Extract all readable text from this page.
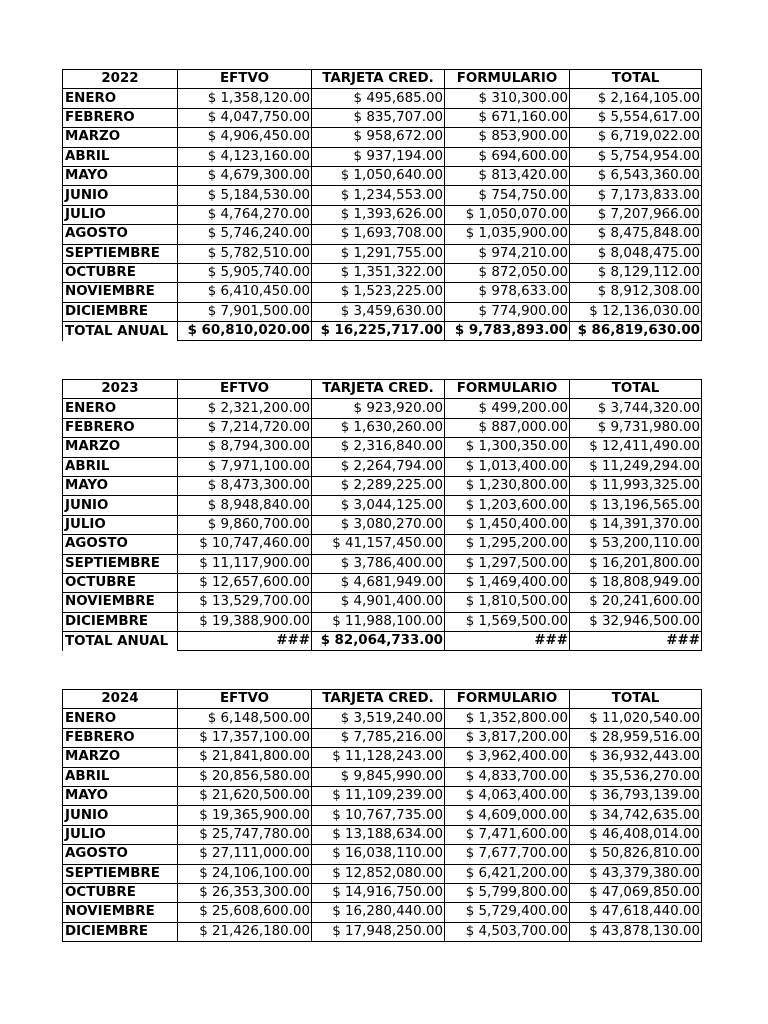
2022	EFTVO	TARJETA CRED.	FORMULARIO	TOTAL
ENERO	$ 1,358,120.00	$ 495,685.00	$ 310,300.00	$ 2,164,105.00
FEBRERO	$ 4,047,750.00	$ 835,707.00	$ 671,160.00	$ 5,554,617.00
MARZO	$ 4,906,450.00	$ 958,672.00	$ 853,900.00	$ 6,719,022.00
ABRIL	$ 4,123,160.00	$ 937,194.00	$ 694,600.00	$ 5,754,954.00
MAYO	$ 4,679,300.00	$ 1,050,640.00	$ 813,420.00	$ 6,543,360.00
JUNIO	$ 5,184,530.00	$ 1,234,553.00	$ 754,750.00	$ 7,173,833.00
JULIO	$ 4,764,270.00	$ 1,393,626.00	$ 1,050,070.00	$ 7,207,966.00
AGOSTO	$ 5,746,240.00	$ 1,693,708.00	$ 1,035,900.00	$ 8,475,848.00
SEPTIEMBRE	$ 5,782,510.00	$ 1,291,755.00	$ 974,210.00	$ 8,048,475.00
OCTUBRE	$ 5,905,740.00	$ 1,351,322.00	$ 872,050.00	$ 8,129,112.00
NOVIEMBRE	$ 6,410,450.00	$ 1,523,225.00	$ 978,633.00	$ 8,912,308.00
DICIEMBRE	$ 7,901,500.00	$ 3,459,630.00	$ 774,900.00	$ 12,136,030.00
TOTAL ANUAL	$ 60,810,020.00	$ 16,225,717.00	$ 9,783,893.00	$ 86,819,630.00
2023	EFTVO	TARJETA CRED.	FORMULARIO	TOTAL
ENERO	$ 2,321,200.00	$ 923,920.00	$ 499,200.00	$ 3,744,320.00
FEBRERO	$ 7,214,720.00	$ 1,630,260.00	$ 887,000.00	$ 9,731,980.00
MARZO	$ 8,794,300.00	$ 2,316,840.00	$ 1,300,350.00	$ 12,411,490.00
ABRIL	$ 7,971,100.00	$ 2,264,794.00	$ 1,013,400.00	$ 11,249,294.00
MAYO	$ 8,473,300.00	$ 2,289,225.00	$ 1,230,800.00	$ 11,993,325.00
JUNIO	$ 8,948,840.00	$ 3,044,125.00	$ 1,203,600.00	$ 13,196,565.00
JULIO	$ 9,860,700.00	$ 3,080,270.00	$ 1,450,400.00	$ 14,391,370.00
AGOSTO	$ 10,747,460.00	$ 41,157,450.00	$ 1,295,200.00	$ 53,200,110.00
SEPTIEMBRE	$ 11,117,900.00	$ 3,786,400.00	$ 1,297,500.00	$ 16,201,800.00
OCTUBRE	$ 12,657,600.00	$ 4,681,949.00	$ 1,469,400.00	$ 18,808,949.00
NOVIEMBRE	$ 13,529,700.00	$ 4,901,400.00	$ 1,810,500.00	$ 20,241,600.00
DICIEMBRE	$ 19,388,900.00	$ 11,988,100.00	$ 1,569,500.00	$ 32,946,500.00
TOTAL ANUAL	###	$ 82,064,733.00	###	###
2024	EFTVO	TARJETA CRED.	FORMULARIO	TOTAL
ENERO	$ 6,148,500.00	$ 3,519,240.00	$ 1,352,800.00	$ 11,020,540.00
FEBRERO	$ 17,357,100.00	$ 7,785,216.00	$ 3,817,200.00	$ 28,959,516.00
MARZO	$ 21,841,800.00	$ 11,128,243.00	$ 3,962,400.00	$ 36,932,443.00
ABRIL	$ 20,856,580.00	$ 9,845,990.00	$ 4,833,700.00	$ 35,536,270.00
MAYO	$ 21,620,500.00	$ 11,109,239.00	$ 4,063,400.00	$ 36,793,139.00
JUNIO	$ 19,365,900.00	$ 10,767,735.00	$ 4,609,000.00	$ 34,742,635.00
JULIO	$ 25,747,780.00	$ 13,188,634.00	$ 7,471,600.00	$ 46,408,014.00
AGOSTO	$ 27,111,000.00	$ 16,038,110.00	$ 7,677,700.00	$ 50,826,810.00
SEPTIEMBRE	$ 24,106,100.00	$ 12,852,080.00	$ 6,421,200.00	$ 43,379,380.00
OCTUBRE	$ 26,353,300.00	$ 14,916,750.00	$ 5,799,800.00	$ 47,069,850.00
NOVIEMBRE	$ 25,608,600.00	$ 16,280,440.00	$ 5,729,400.00	$ 47,618,440.00
DICIEMBRE	$ 21,426,180.00	$ 17,948,250.00	$ 4,503,700.00	$ 43,878,130.00
